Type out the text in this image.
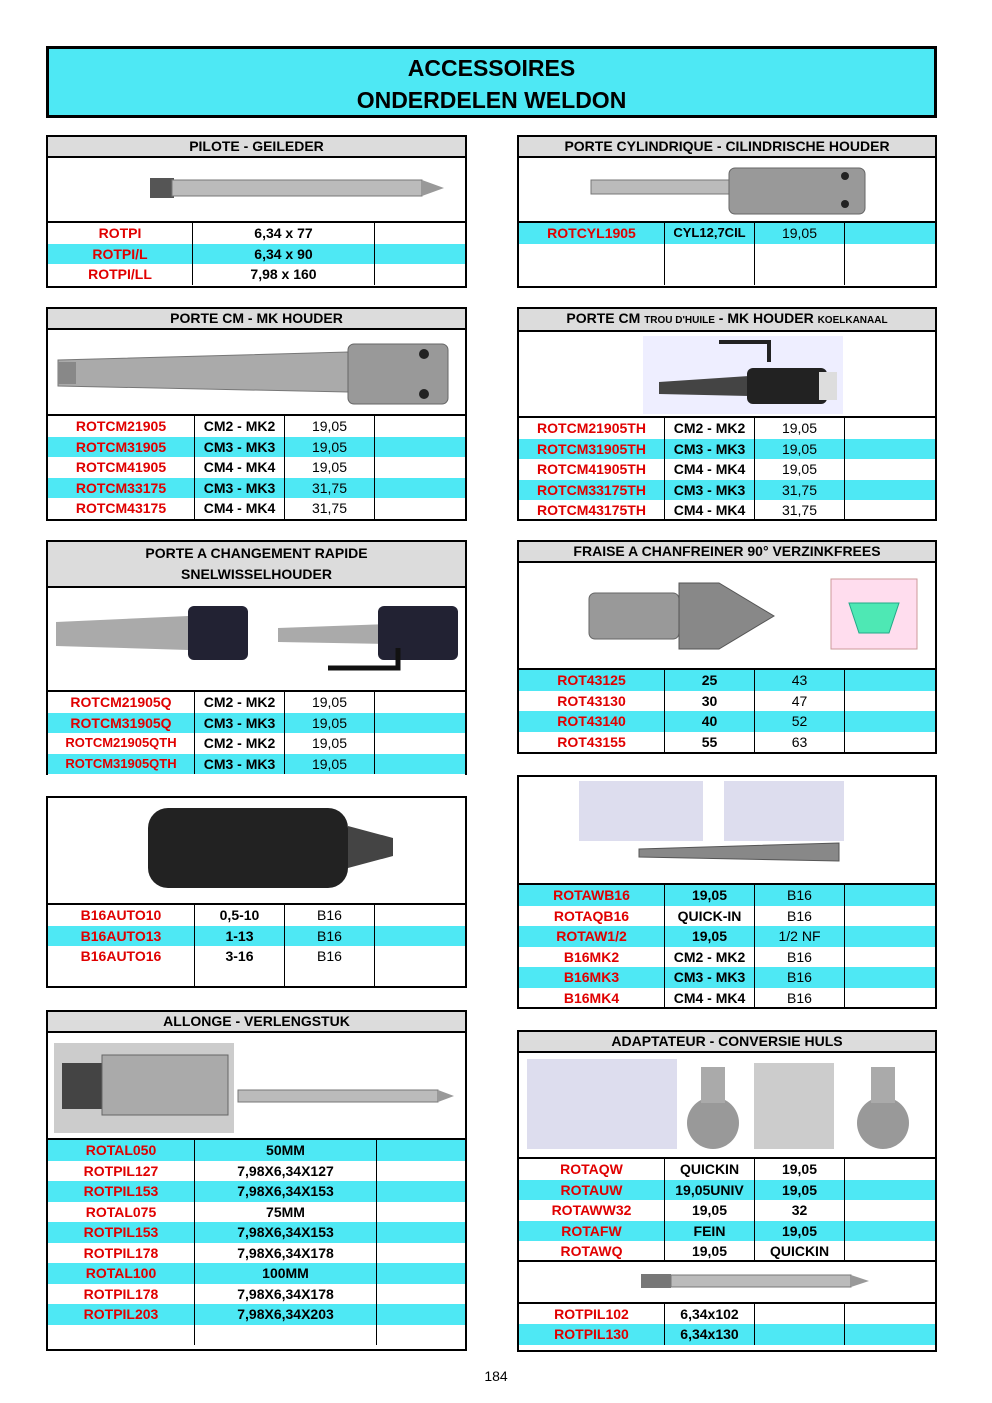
ACCESSOIRES
ONDERDELEN WELDON
PILOTE - GEILEDER
ROTPI	6,34 x 77
ROTPI/L	6,34 x 90
ROTPI/LL	7,98 x 160
PORTE CYLINDRIQUE - CILINDRISCHE HOUDER
ROTCYL1905	CYL12,7CIL	19,05
PORTE CM - MK HOUDER
ROTCM21905	CM2 - MK2	19,05
ROTCM31905	CM3 - MK3	19,05
ROTCM41905	CM4 - MK4	19,05
ROTCM33175	CM3 - MK3	31,75
ROTCM43175	CM4 - MK4	31,75
PORTE CM TROU D'HUILE - MK HOUDER KOELKANAAL
ROTCM21905TH	CM2 - MK2	19,05
ROTCM31905TH	CM3 - MK3	19,05
ROTCM41905TH	CM4 - MK4	19,05
ROTCM33175TH	CM3 - MK3	31,75
ROTCM43175TH	CM4 - MK4	31,75
PORTE A CHANGEMENT RAPIDE
SNELWISSELHOUDER
ROTCM21905Q	CM2 - MK2	19,05
ROTCM31905Q	CM3 - MK3	19,05
ROTCM21905QTH	CM2 - MK2	19,05
ROTCM31905QTH	CM3 - MK3	19,05
FRAISE A CHANFREINER 90° VERZINKFREES
ROT43125	25	43
ROT43130	30	47
ROT43140	40	52
ROT43155	55	63
B16AUTO10	0,5-10	B16
B16AUTO13	1-13	B16
B16AUTO16	3-16	B16
ROTAWB16	19,05	B16
ROTAQB16	QUICK-IN	B16
ROTAW1/2	19,05	1/2 NF
B16MK2	CM2 - MK2	B16
B16MK3	CM3 - MK3	B16
B16MK4	CM4 - MK4	B16
ALLONGE - VERLENGSTUK
ROTAL050	50MM
ROTPIL127	7,98X6,34X127
ROTPIL153	7,98X6,34X153
ROTAL075	75MM
ROTPIL153	7,98X6,34X153
ROTPIL178	7,98X6,34X178
ROTAL100	100MM
ROTPIL178	7,98X6,34X178
ROTPIL203	7,98X6,34X203
ADAPTATEUR - CONVERSIE HULS
ROTAQW	QUICKIN	19,05
ROTAUW	19,05UNIV	19,05
ROTAWW32	19,05	32
ROTAFW	FEIN	19,05
ROTAWQ	19,05	QUICKIN
ROTPIL102	6,34x102
ROTPIL130	6,34x130
184
